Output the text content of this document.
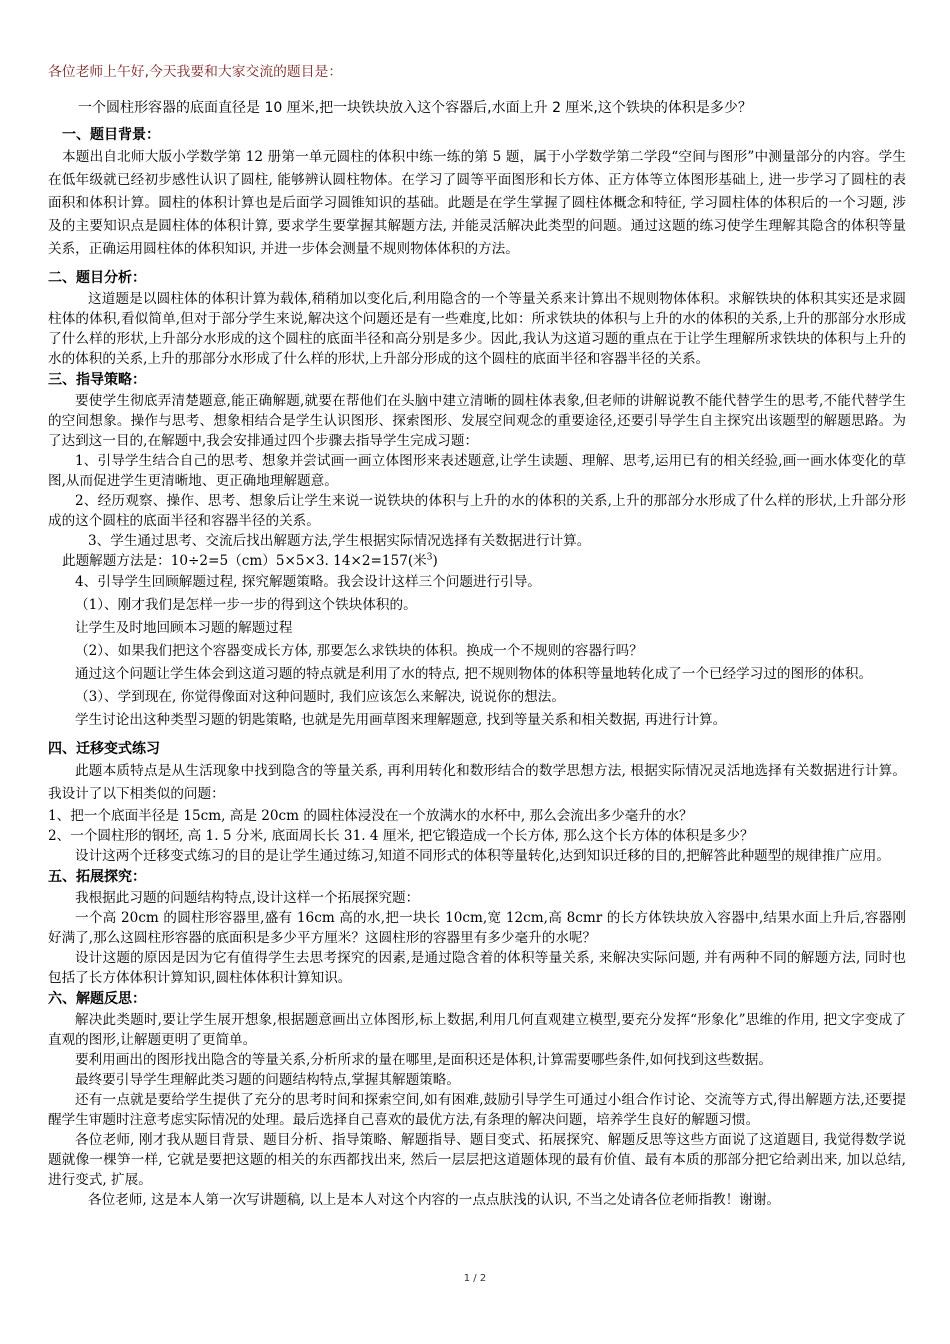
各位老师上午好,今天我要和大家交流的题目是：

一个圆柱形容器的底面直径是 10 厘米,把一块铁块放入这个容器后,水面上升 2 厘米,这个铁块的体积是多少？

一、题目背景：

本题出自北师大版小学数学第 12 册第一单元圆柱的体积中练一练的第 5 题，属于小学数学第二学段“空间与图形”中测量部分的内容。学生在低年级就已经初步感性认识了圆柱, 能够辨认圆柱物体。在学习了圆等平面图形和长方体、正方体等立体图形基础上, 进一步学习了圆柱的表面积和体积计算。圆柱的体积计算也是后面学习圆锥知识的基础。此题是在学生掌握了圆柱体概念和特征, 学习圆柱体的体积后的一个习题, 涉及的主要知识点是圆柱体的体积计算, 要求学生要掌握其解题方法, 并能灵活解决此类型的问题。通过这题的练习使学生理解其隐含的体积等量关系，正确运用圆柱体的体积知识, 并进一步体会测量不规则物体体积的方法。

二、题目分析：

这道题是以圆柱体的体积计算为载体,稍稍加以变化后,利用隐含的一个等量关系来计算出不规则物体体积。求解铁块的体积其实还是求圆柱体的体积,看似简单,但对于部分学生来说,解决这个问题还是有一些难度,比如：所求铁块的体积与上升的水的体积的关系,上升的那部分水形成了什么样的形状,上升部分水形成的这个圆柱的底面半径和高分别是多少。因此,我认为这道习题的重点在于让学生理解所求铁块的体积与上升的水的体积的关系,上升的那部分水形成了什么样的形状,上升部分形成的这个圆柱的底面半径和容器半径的关系。

三、指导策略：

要使学生彻底弄清楚题意,能正确解题,就要在帮他们在头脑中建立清晰的圆柱体表象,但老师的讲解说教不能代替学生的思考,不能代替学生的空间想象。操作与思考、想象相结合是学生认识图形、探索图形、发展空间观念的重要途径,还要引导学生自主探究出该题型的解题思路。为了达到这一目的,在解题中,我会安排通过四个步骤去指导学生完成习题：

1、引导学生结合自己的思考、想象并尝试画一画立体图形来表述题意,让学生读题、理解、思考,运用已有的相关经验,画一画水体变化的草图,从而促进学生更清晰地、更正确地理解题意。

2、经历观察、操作、思考、想象后让学生来说一说铁块的体积与上升的水的体积的关系,上升的那部分水形成了什么样的形状,上升部分形成的这个圆柱的底面半径和容器半径的关系。

3、学生通过思考、交流后找出解题方法,学生根据实际情况选择有关数据进行计算。

此题解题方法是：10÷2=5（cm）5×5×3. 14×2=157(米$^3$)

4、引导学生回顾解题过程, 探究解题策略。我会设计这样三个问题进行引导。

（1）、刚才我们是怎样一步一步的得到这个铁块体积的。

让学生及时地回顾本习题的解题过程

（2）、如果我们把这个容器变成长方体, 那要怎么求铁块的体积。换成一个不规则的容器行吗？

通过这个问题让学生体会到这道习题的特点就是利用了水的特点, 把不规则物体的体积等量地转化成了一个已经学习过的图形的体积。

（3）、学到现在, 你觉得像面对这种问题时, 我们应该怎么来解决, 说说你的想法。

学生讨论出这种类型习题的钥匙策略, 也就是先用画草图来理解题意, 找到等量关系和相关数据, 再进行计算。

四、迁移变式练习

此题本质特点是从生活现象中找到隐含的等量关系, 再利用转化和数形结合的数学思想方法, 根据实际情况灵活地选择有关数据进行计算。我设计了以下相类似的问题：

1、把一个底面半径是 15cm, 高是 20cm 的圆柱体浸没在一个放满水的水杯中, 那么会流出多少毫升的水？

2、一个圆柱形的钢坯, 高 1. 5 分米, 底面周长长 31. 4 厘米, 把它锻造成一个长方体, 那么这个长方体的体积是多少？

设计这两个迁移变式练习的目的是让学生通过练习,知道不同形式的体积等量转化,达到知识迁移的目的,把解答此种题型的规律推广应用。

五、拓展探究：

我根据此习题的问题结构特点,设计这样一个拓展探究题：

一个高 20cm 的圆柱形容器里,盛有 16cm 高的水,把一块长 10cm,宽 12cm,高 8cmr 的长方体铁块放入容器中,结果水面上升后,容器刚好满了,那么这圆柱形容器的底面积是多少平方厘米？这圆柱形的容器里有多少毫升的水呢？

设计这题的原因是因为它有值得学生去思考探究的因素,是通过隐含着的体积等量关系, 来解决实际问题, 并有两种不同的解题方法, 同时也包括了长方体体积计算知识,圆柱体体积计算知识。

六、解题反思：

解决此类题时,要让学生展开想象,根据题意画出立体图形,标上数据,利用几何直观建立模型,要充分发挥“形象化”思维的作用, 把文字变成了直观的图形,让解题更明了更简单。

要利用画出的图形找出隐含的等量关系,分析所求的量在哪里,是面积还是体积,计算需要哪些条件,如何找到这些数据。

最终要引导学生理解此类习题的问题结构特点,掌握其解题策略。

还有一点就是要给学生提供了充分的思考时间和探索空间,如有困难,鼓励引导学生可通过小组合作讨论、交流等方式,得出解题方法,还要提醒学生审题时注意考虑实际情况的处理。最后选择自己喜欢的最优方法,有条理的解决问题，培养学生良好的解题习惯。

各位老师, 刚才我从题目背景、题目分析、指导策略、解题指导、题目变式、拓展探究、解题反思等这些方面说了这道题目, 我觉得数学说题就像一棵笋一样, 它就是要把这题的相关的东西都找出来, 然后一层层把这道题体现的最有价值、最有本质的那部分把它给剥出来, 加以总结, 进行变式, 扩展。

各位老师, 这是本人第一次写讲题稿, 以上是本人对这个内容的一点点肤浅的认识, 不当之处请各位老师指教！谢谢。

1 / 2
